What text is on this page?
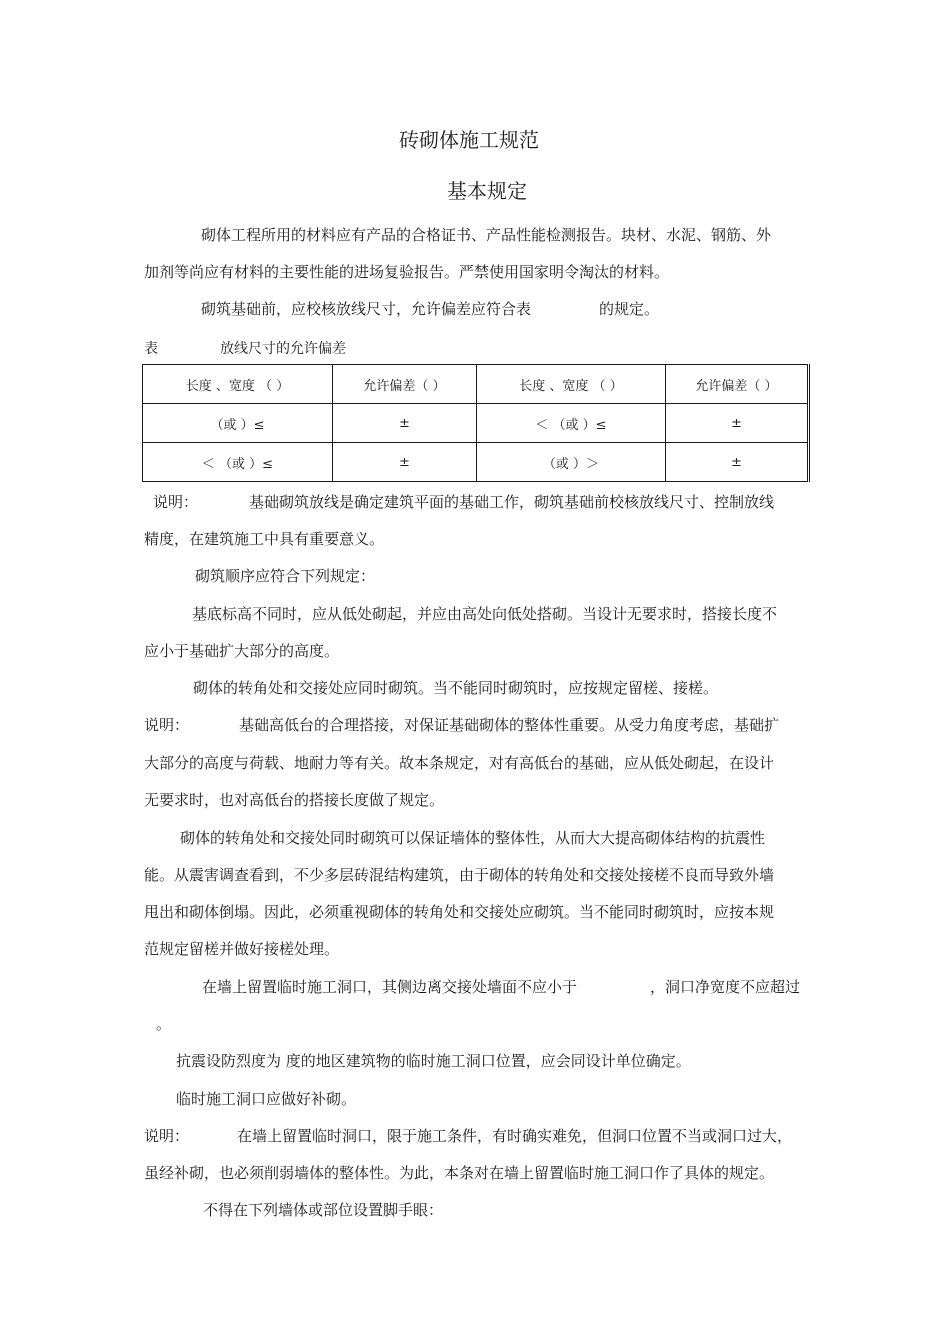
砖砌体施工规范
基本规定
砌体工程所用的材料应有产品的合格证书、产品性能检测报告。块材、水泥、钢筋、外
加剂等尚应有材料的主要性能的进场复验报告。严禁使用国家明令淘汰的材料。
砌筑基础前，应校核放线尺寸，允许偏差应符合表	的规定。
表	放线尺寸的允许偏差
长度 、宽度 （ ）	允许偏差（ ）	长度 、宽度 （ ）	允许偏差（ ）
（或 ）≤	±	＜ （或 ）≤	±
＜ （或 ）≤	±	（或 ）＞	±
说明：	基础砌筑放线是确定建筑平面的基础工作，砌筑基础前校核放线尺寸、控制放线
精度，在建筑施工中具有重要意义。
砌筑顺序应符合下列规定：
基底标高不同时，应从低处砌起，并应由高处向低处搭砌。当设计无要求时，搭接长度不
应小于基础扩大部分的高度。
砌体的转角处和交接处应同时砌筑。当不能同时砌筑时，应按规定留槎、接槎。
说明：	基础高低台的合理搭接，对保证基础砌体的整体性重要。从受力角度考虑，基础扩
大部分的高度与荷载、地耐力等有关。故本条规定，对有高低台的基础，应从低处砌起，在设计
无要求时，也对高低台的搭接长度做了规定。
砌体的转角处和交接处同时砌筑可以保证墙体的整体性，从而大大提高砌体结构的抗震性
能。从震害调查看到，不少多层砖混结构建筑，由于砌体的转角处和交接处接槎不良而导致外墙
甩出和砌体倒塌。因此，必须重视砌体的转角处和交接处应砌筑。当不能同时砌筑时，应按本规
范规定留槎并做好接槎处理。
在墙上留置临时施工洞口，其侧边离交接处墙面不应小于	，洞口净宽度不应超过
。
抗震设防烈度为 度的地区建筑物的临时施工洞口位置，应会同设计单位确定。
临时施工洞口应做好补砌。
说明：	在墙上留置临时洞口，限于施工条件，有时确实难免，但洞口位置不当或洞口过大，
虽经补砌，也必须削弱墙体的整体性。为此，本条对在墙上留置临时施工洞口作了具体的规定。
不得在下列墙体或部位设置脚手眼：
